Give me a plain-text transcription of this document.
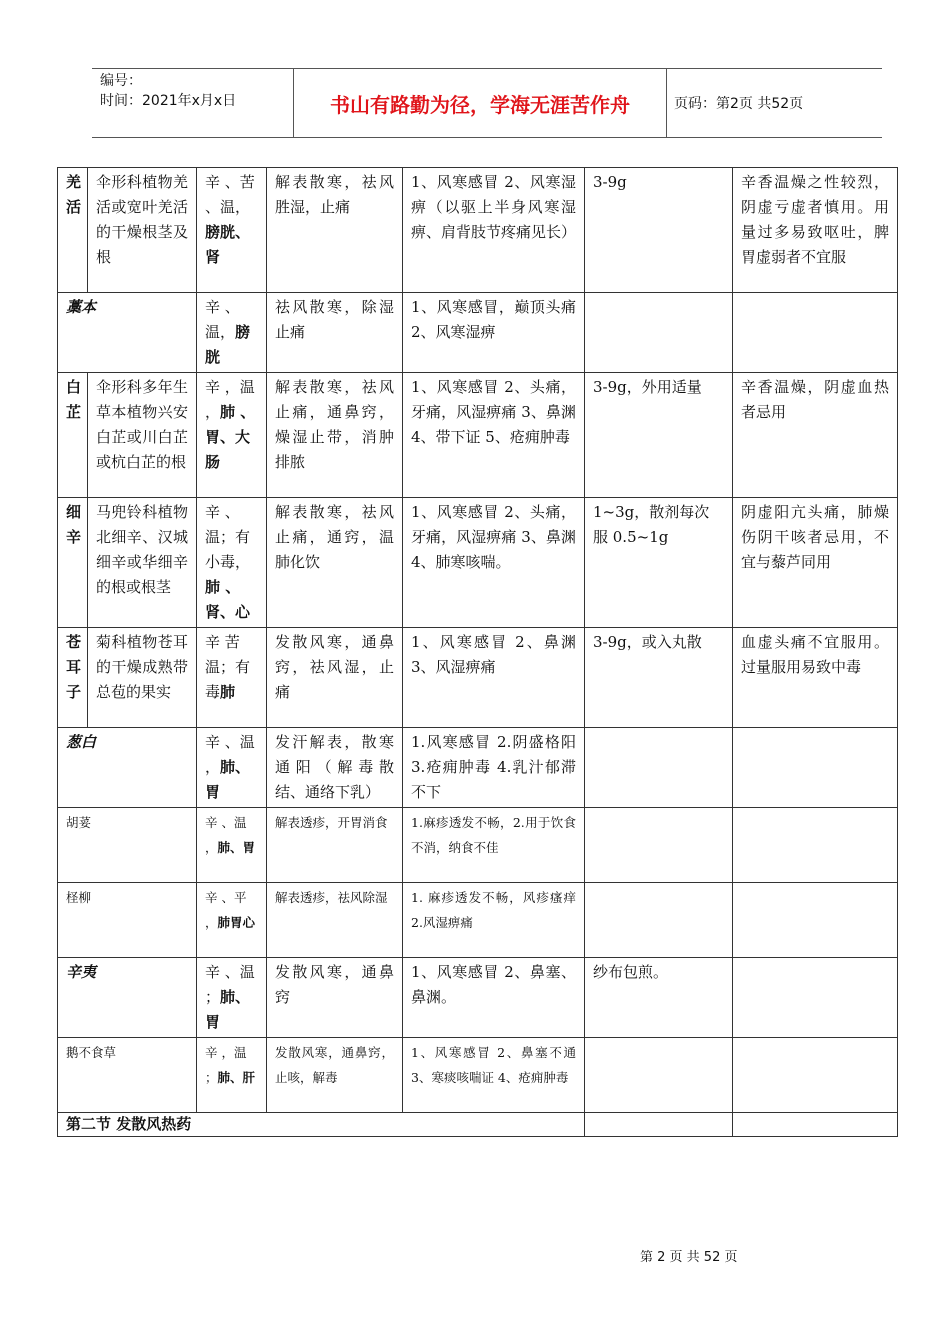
编号：
时间：2021年x月x日	书山有路勤为径，学海无涯苦作舟	页码：第2页 共52页
羌活	伞形科植物羌活或宽叶羌活的干燥根茎及根	辛 、苦 、温，膀胱、肾	解表散寒，祛风胜湿，止痛	1、风寒感冒 2、风寒湿痹（以驱上半身风寒湿痹、肩背肢节疼痛见长）	3-9g	辛香温燥之性较烈，阴虚亏虚者慎用。用量过多易致呕吐，脾胃虚弱者不宜服
藁本		辛 、温，膀胱	祛风散寒，除湿止痛	1、风寒感冒，巅顶头痛 2、风寒湿痹		
白芷	伞形科多年生草本植物兴安白芷或川白芷或杭白芷的根	辛 ，温 ，肺 、胃、大肠	解表散寒，祛风止痛，通鼻窍，燥湿止带，消肿排脓	1、风寒感冒 2、头痛，牙痛，风湿痹痛 3、鼻渊 4、带下证 5、疮痈肿毒	3-9g，外用适量	辛香温燥，阴虚血热者忌用
细辛	马兜铃科植物北细辛、汉城细辛或华细辛的根或根茎	辛 、温；有小毒，肺 、肾、心	解表散寒，祛风止痛，通窍，温肺化饮	1、风寒感冒 2、头痛，牙痛，风湿痹痛 3、鼻渊 4、肺寒咳喘。	1~3g，散剂每次服 0.5~1g	阴虚阳亢头痛，肺燥伤阴干咳者忌用，不宜与藜芦同用
苍耳子	菊科植物苍耳的干燥成熟带总苞的果实	辛 苦温；有毒肺	发散风寒，通鼻窍，祛风湿，止痛	1、风寒感冒 2、鼻渊 3、风湿痹痛	3-9g，或入丸散	血虚头痛不宜服用。过量服用易致中毒
葱白		辛 、温 ，肺、胃	发汗解表，散寒通阳（解毒散结、通络下乳）	1.风寒感冒 2.阴盛格阳 3.疮痈肿毒 4.乳汁郁滞不下		
胡荽		辛 、温 ，肺、胃	解表透疹，开胃消食	1.麻疹透发不畅，2.用于饮食不消，纳食不佳		
柽柳		辛 、平 ，肺胃心	解表透疹，祛风除湿	1. 麻疹透发不畅，风疹瘙痒 2.风湿痹痛		
辛夷		辛 、温 ；肺、胃	发散风寒，通鼻窍	1、风寒感冒 2、鼻塞、鼻渊。	纱布包煎。	
鹅不食草		辛 ，温 ；肺、肝	发散风寒，通鼻窍，止咳，解毒	1、风寒感冒 2、鼻塞不通 3、寒痰咳喘证 4、疮痈肿毒		
第二节 发散风热药						
第 2 页 共 52 页
